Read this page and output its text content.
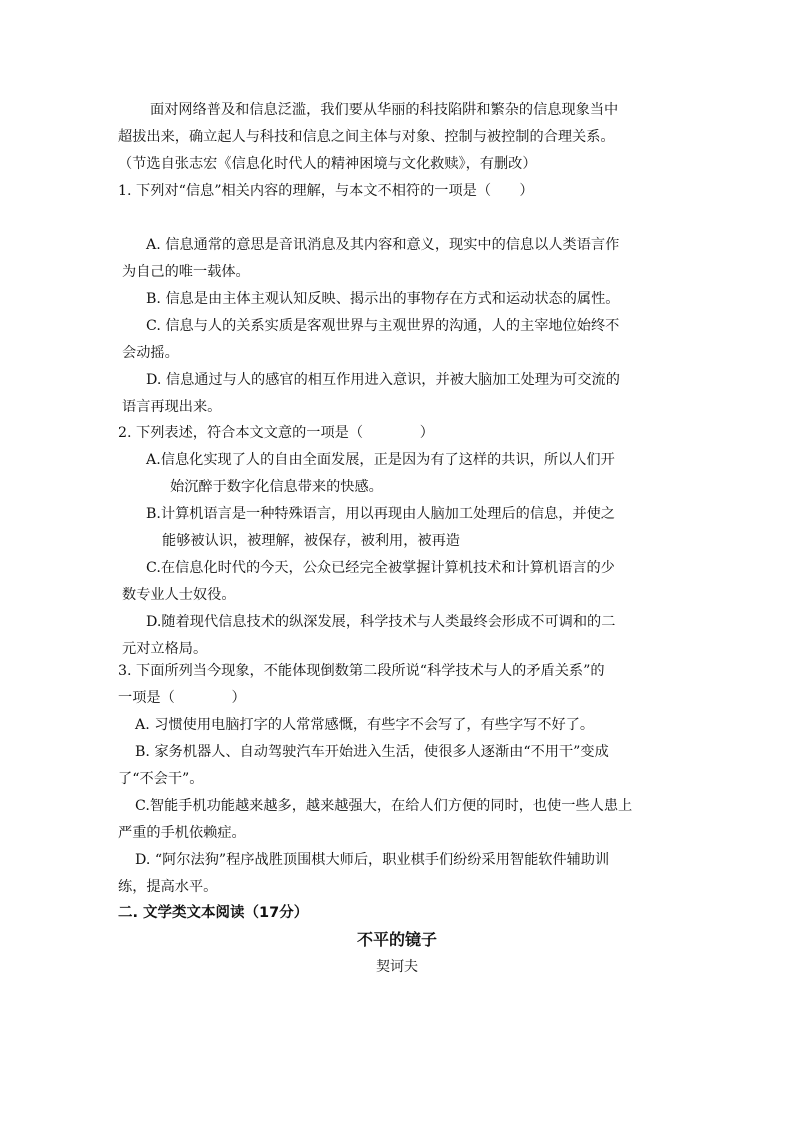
面对网络普及和信息泛滥，我们要从华丽的科技陷阱和繁杂的信息现象当中
超拔出来，确立起人与科技和信息之间主体与对象、控制与被控制的合理关系。
（节选自张志宏《信息化时代人的精神困境与文化救赎》，有删改）
1. 下列对“信息”相关内容的理解，与本文不相符的一项是（　　）
A. 信息通常的意思是音讯消息及其内容和意义，现实中的信息以人类语言作
为自己的唯一载体。
B. 信息是由主体主观认知反映、揭示出的事物存在方式和运动状态的属性。
C. 信息与人的关系实质是客观世界与主观世界的沟通，人的主宰地位始终不
会动摇。
D. 信息通过与人的感官的相互作用进入意识，并被大脑加工处理为可交流的
语言再现出来。
2. 下列表述，符合本文文意的一项是（　　　　）
A.信息化实现了人的自由全面发展，正是因为有了这样的共识，所以人们开
始沉醉于数字化信息带来的快感。
B.计算机语言是一种特殊语言，用以再现由人脑加工处理后的信息，并使之
能够被认识，被理解，被保存，被利用，被再造
C.在信息化时代的今天，公众已经完全被掌握计算机技术和计算机语言的少
数专业人士奴役。
D.随着现代信息技术的纵深发展，科学技术与人类最终会形成不可调和的二
元对立格局。
3. 下面所列当今现象，不能体现倒数第二段所说“科学技术与人的矛盾关系”的
一项是（　　　　）
A. 习惯使用电脑打字的人常常感慨，有些字不会写了，有些字写不好了。
B. 家务机器人、自动驾驶汽车开始进入生活，使很多人逐渐由“不用干”变成
了“不会干”。
C.智能手机功能越来越多，越来越强大，在给人们方便的同时，也使一些人患上
严重的手机依赖症。
D. “阿尔法狗”程序战胜顶围棋大师后，职业棋手们纷纷采用智能软件辅助训
练，提高水平。
二. 文学类文本阅读（17分）
不平的镜子
契诃夫
